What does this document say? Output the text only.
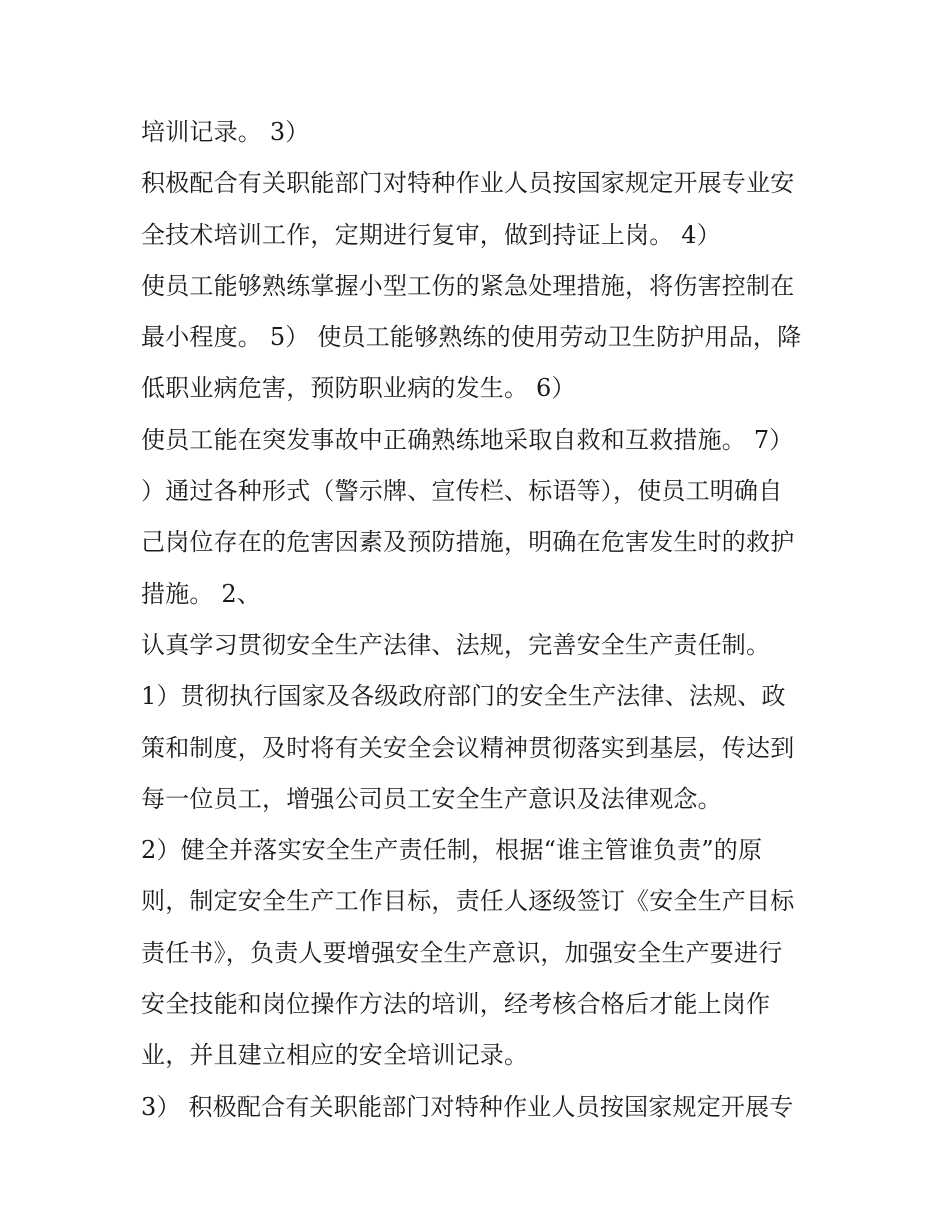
培训记录。 3）
积极配合有关职能部门对特种作业人员按国家规定开展专业安
全技术培训工作，定期进行复审，做到持证上岗。 4）
使员工能够熟练掌握小型工伤的紧急处理措施，将伤害控制在
最小程度。 5） 使员工能够熟练的使用劳动卫生防护用品，降
低职业病危害，预防职业病的发生。 6）
使员工能在突发事故中正确熟练地采取自救和互救措施。 7）
）通过各种形式（警示牌、宣传栏、标语等），使员工明确自
己岗位存在的危害因素及预防措施，明确在危害发生时的救护
措施。 2、
认真学习贯彻安全生产法律、法规，完善安全生产责任制。
1）贯彻执行国家及各级政府部门的安全生产法律、法规、政
策和制度，及时将有关安全会议精神贯彻落实到基层，传达到
每一位员工，增强公司员工安全生产意识及法律观念。
2）健全并落实安全生产责任制，根据“谁主管谁负责”的原
则，制定安全生产工作目标，责任人逐级签订《安全生产目标
责任书》，负责人要增强安全生产意识，加强安全生产要进行
安全技能和岗位操作方法的培训，经考核合格后才能上岗作
业，并且建立相应的安全培训记录。
3） 积极配合有关职能部门对特种作业人员按国家规定开展专
